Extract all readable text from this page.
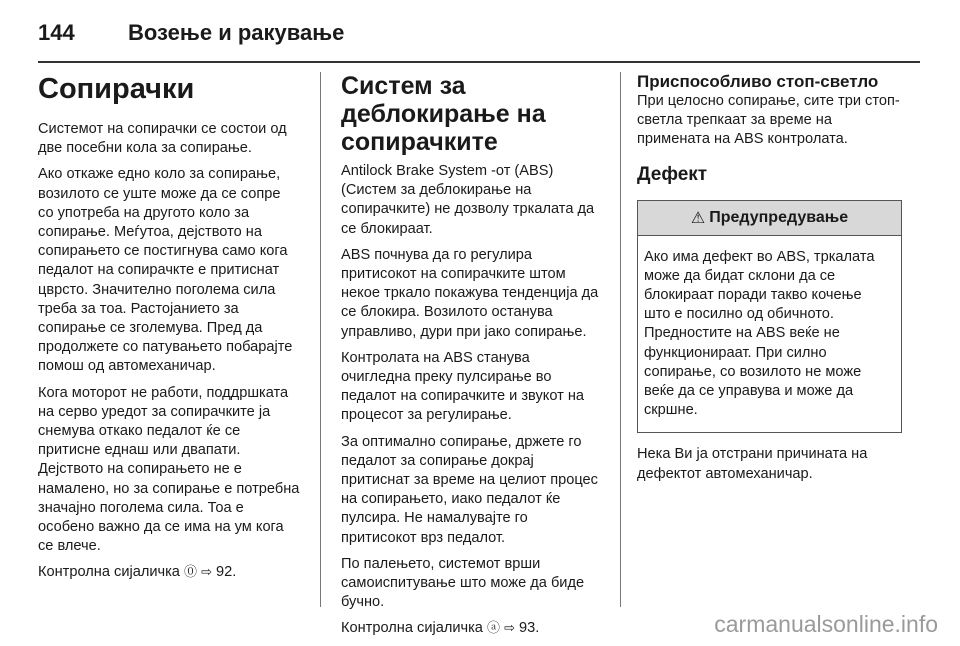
144	Возење и ракување
Сопирачки

Системот на сопирачки се состои од две посебни кола за сопирање.

Ако откаже едно коло за сопирање, возилото се уште може да се сопре со употреба на другото коло за сопирање. Меѓутоа, дејството на сопирањето се постигнува само кога педалот на сопирачкте е притиснат цврсто. Значително поголема сила треба за тоа. Растојанието за сопирање се зголемува. Пред да продолжете со патувањето побарајте помош од автомеханичар.

Кога моторот не работи, поддршката на серво уредот за сопирачките ја снемува откако педалот ќе се притисне еднаш или двапати. Дејството на сопирањето не е намалено, но за сопирање е потребна значајно поголема сила. Тоа е особено важно да се има на ум кога се влече.

Контролна сијаличка ⓪ ⇨ 92.

Систем за деблокирање на сопирачките

Antilock Brake System -от (ABS) (Систем за деблокирање на сопирачките) не дозволу тркалата да се блокираат.

ABS почнува да го регулира притисокот на сопирачките штом некое тркало покажува тенденција да се блокира. Возилото останува управливо, дури при јако сопирање.

Контролата на ABS станува очигледна преку пулсирање во педалот на сопирачките и звукот на процесот за регулирање.

За оптимално сопирање, држете го педалот за сопирање докрај притиснат за време на целиот процес на сопирањето, иако педалот ќе пулсира. Не намалувајте го притисокот врз педалот.

По палењето, системот врши самоиспитување што може да биде бучно.

Контролна сијаличка ⓐ ⇨ 93.

Приспособливо стоп-светло

При целосно сопирање, сите три стоп-светла трепкаат за време на применатa на ABS контролата.

Дефект
⚠ Предупредување

Ако има дефект во ABS, тркалата може да бидат склони да се блокираат поради такво кочење што е посилно од обичното. Предностите на ABS веќе не функционираат. При силно сопирање, со возилото не може веќе да се управува и може да скршне.

Нека Ви ја отстрани причината на дефектот автомеханичар.

carmanualsonline.info
